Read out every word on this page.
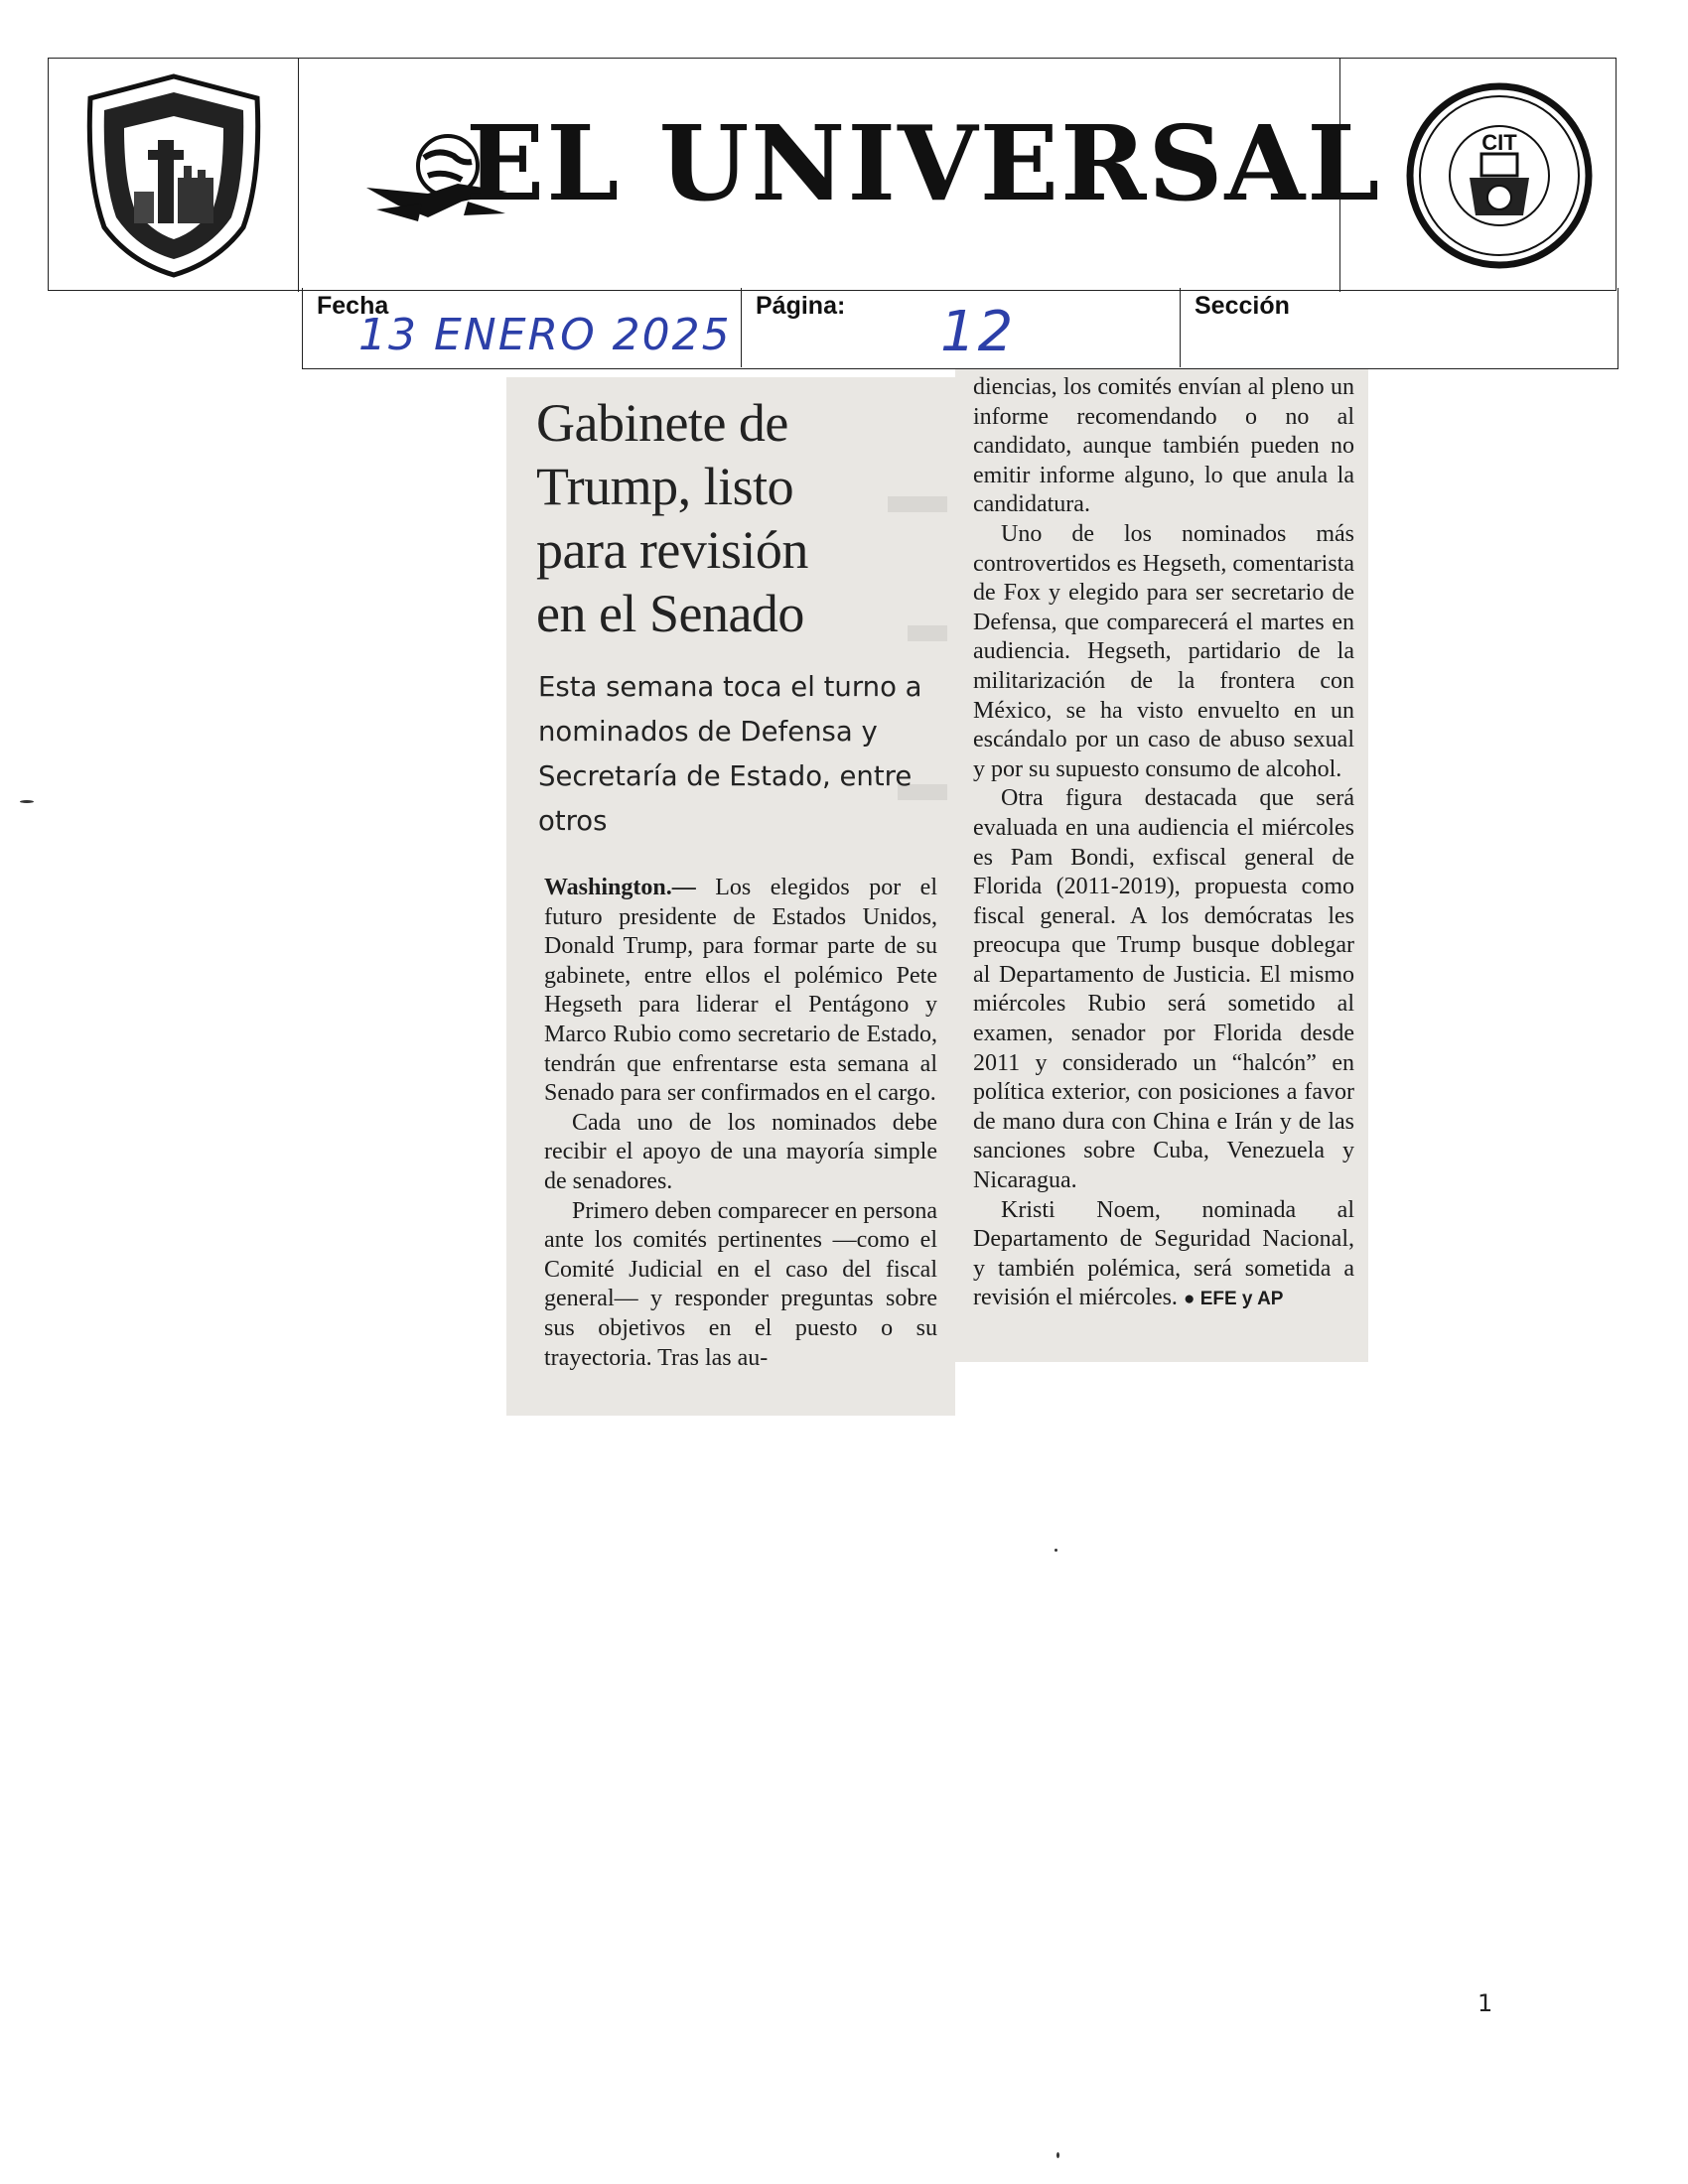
CIT
EL UNIVERSAL
Fecha
13 ENERO 2025
Página: 12	Sección
Gabinete de
Trump, listo
para revisión
en el Senado

Esta semana toca el turno a nominados de Defensa y Secretaría de Estado, entre otros

Washington.— Los elegidos por el futuro presidente de Estados Unidos, Donald Trump, para formar parte de su gabinete, entre ellos el polémico Pete Hegseth para liderar el Pentágono y Marco Rubio como secretario de Estado, tendrán que enfrentarse esta semana al Senado para ser confirmados en el cargo.

Cada uno de los nominados debe recibir el apoyo de una mayoría simple de senadores.

Primero deben comparecer en persona ante los comités pertinentes —como el Comité Judicial en el caso del fiscal general— y responder preguntas sobre sus objetivos en el puesto o su trayectoria. Tras las au-

diencias, los comités envían al pleno un informe recomendando o no al candidato, aunque también pueden no emitir informe alguno, lo que anula la candidatura.

Uno de los nominados más controvertidos es Hegseth, comentarista de Fox y elegido para ser secretario de Defensa, que comparecerá el martes en audiencia. Hegseth, partidario de la militarización de la frontera con México, se ha visto envuelto en un escándalo por un caso de abuso sexual y por su supuesto consumo de alcohol.

Otra figura destacada que será evaluada en una audiencia el miércoles es Pam Bondi, exfiscal general de Florida (2011-2019), propuesta como fiscal general. A los demócratas les preocupa que Trump busque doblegar al Departamento de Justicia. El mismo miércoles Rubio será sometido al examen, senador por Florida desde 2011 y considerado un “halcón” en política exterior, con posiciones a favor de mano dura con China e Irán y de las sanciones sobre Cuba, Venezuela y Nicaragua.

Kristi Noem, nominada al Departamento de Seguridad Nacional, y también polémica, será sometida a revisión el miércoles. ● EFE y AP

1
